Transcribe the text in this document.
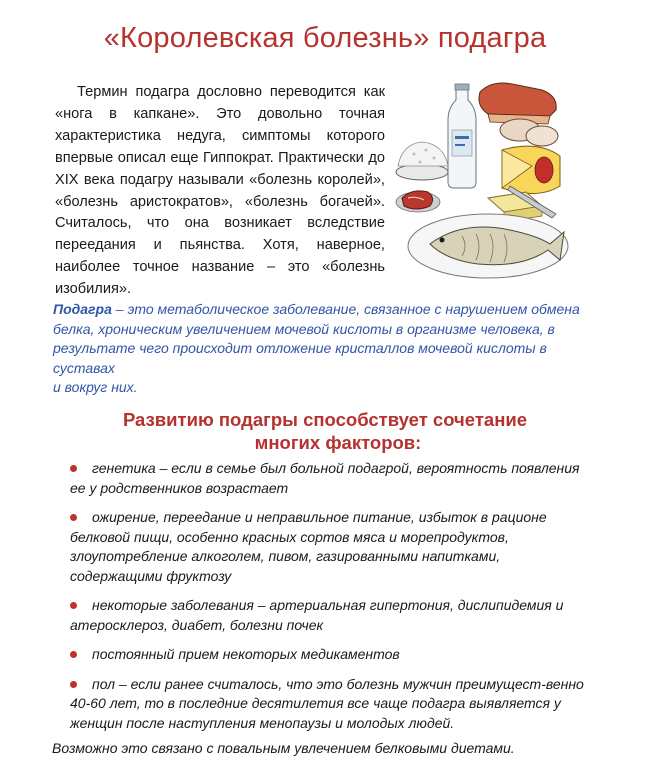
«Королевская болезнь» подагра

Термин подагра дословно переводится как «нога в капкане». Это довольно точная характеристика недуга, симптомы которого впервые описал еще Гиппократ. Практически до XIX века подагру называли «болезнь королей», «болезнь аристократов», «болезнь богачей». Считалось, что она возникает вследствие переедания и пьянства. Хотя, наверное, наиболее точное название – это «болезнь изобилия».

Подагра – это метаболическое заболевание, связанное с нарушением обмена белка, хроническим увеличением мочевой кислоты в организме человека, в результате чего происходит отложение кристаллов мочевой кислоты в суставах
и вокруг них.

Развитию подагры способствует сочетание
многих факторов:
генетика – если в семье был больной подагрой, вероятность появления ее у родственников возрастает
ожирение, переедание и неправильное питание, избыток в рационе белковой пищи, особенно красных сортов мяса и морепродуктов, злоупотребление алкоголем, пивом, газированными напитками, содержащими фруктозу
некоторые заболевания – артериальная гипертония, дислипидемия и атеросклероз, диабет, болезни почек
постоянный прием некоторых медикаментов
пол – если ранее считалось, что это болезнь мужчин преимущест-венно 40-60 лет, то в последние десятилетия все чаще подагра выявляется у женщин после наступления менопаузы и молодых людей.

Возможно это связано с повальным увлечением белковыми диетами.
